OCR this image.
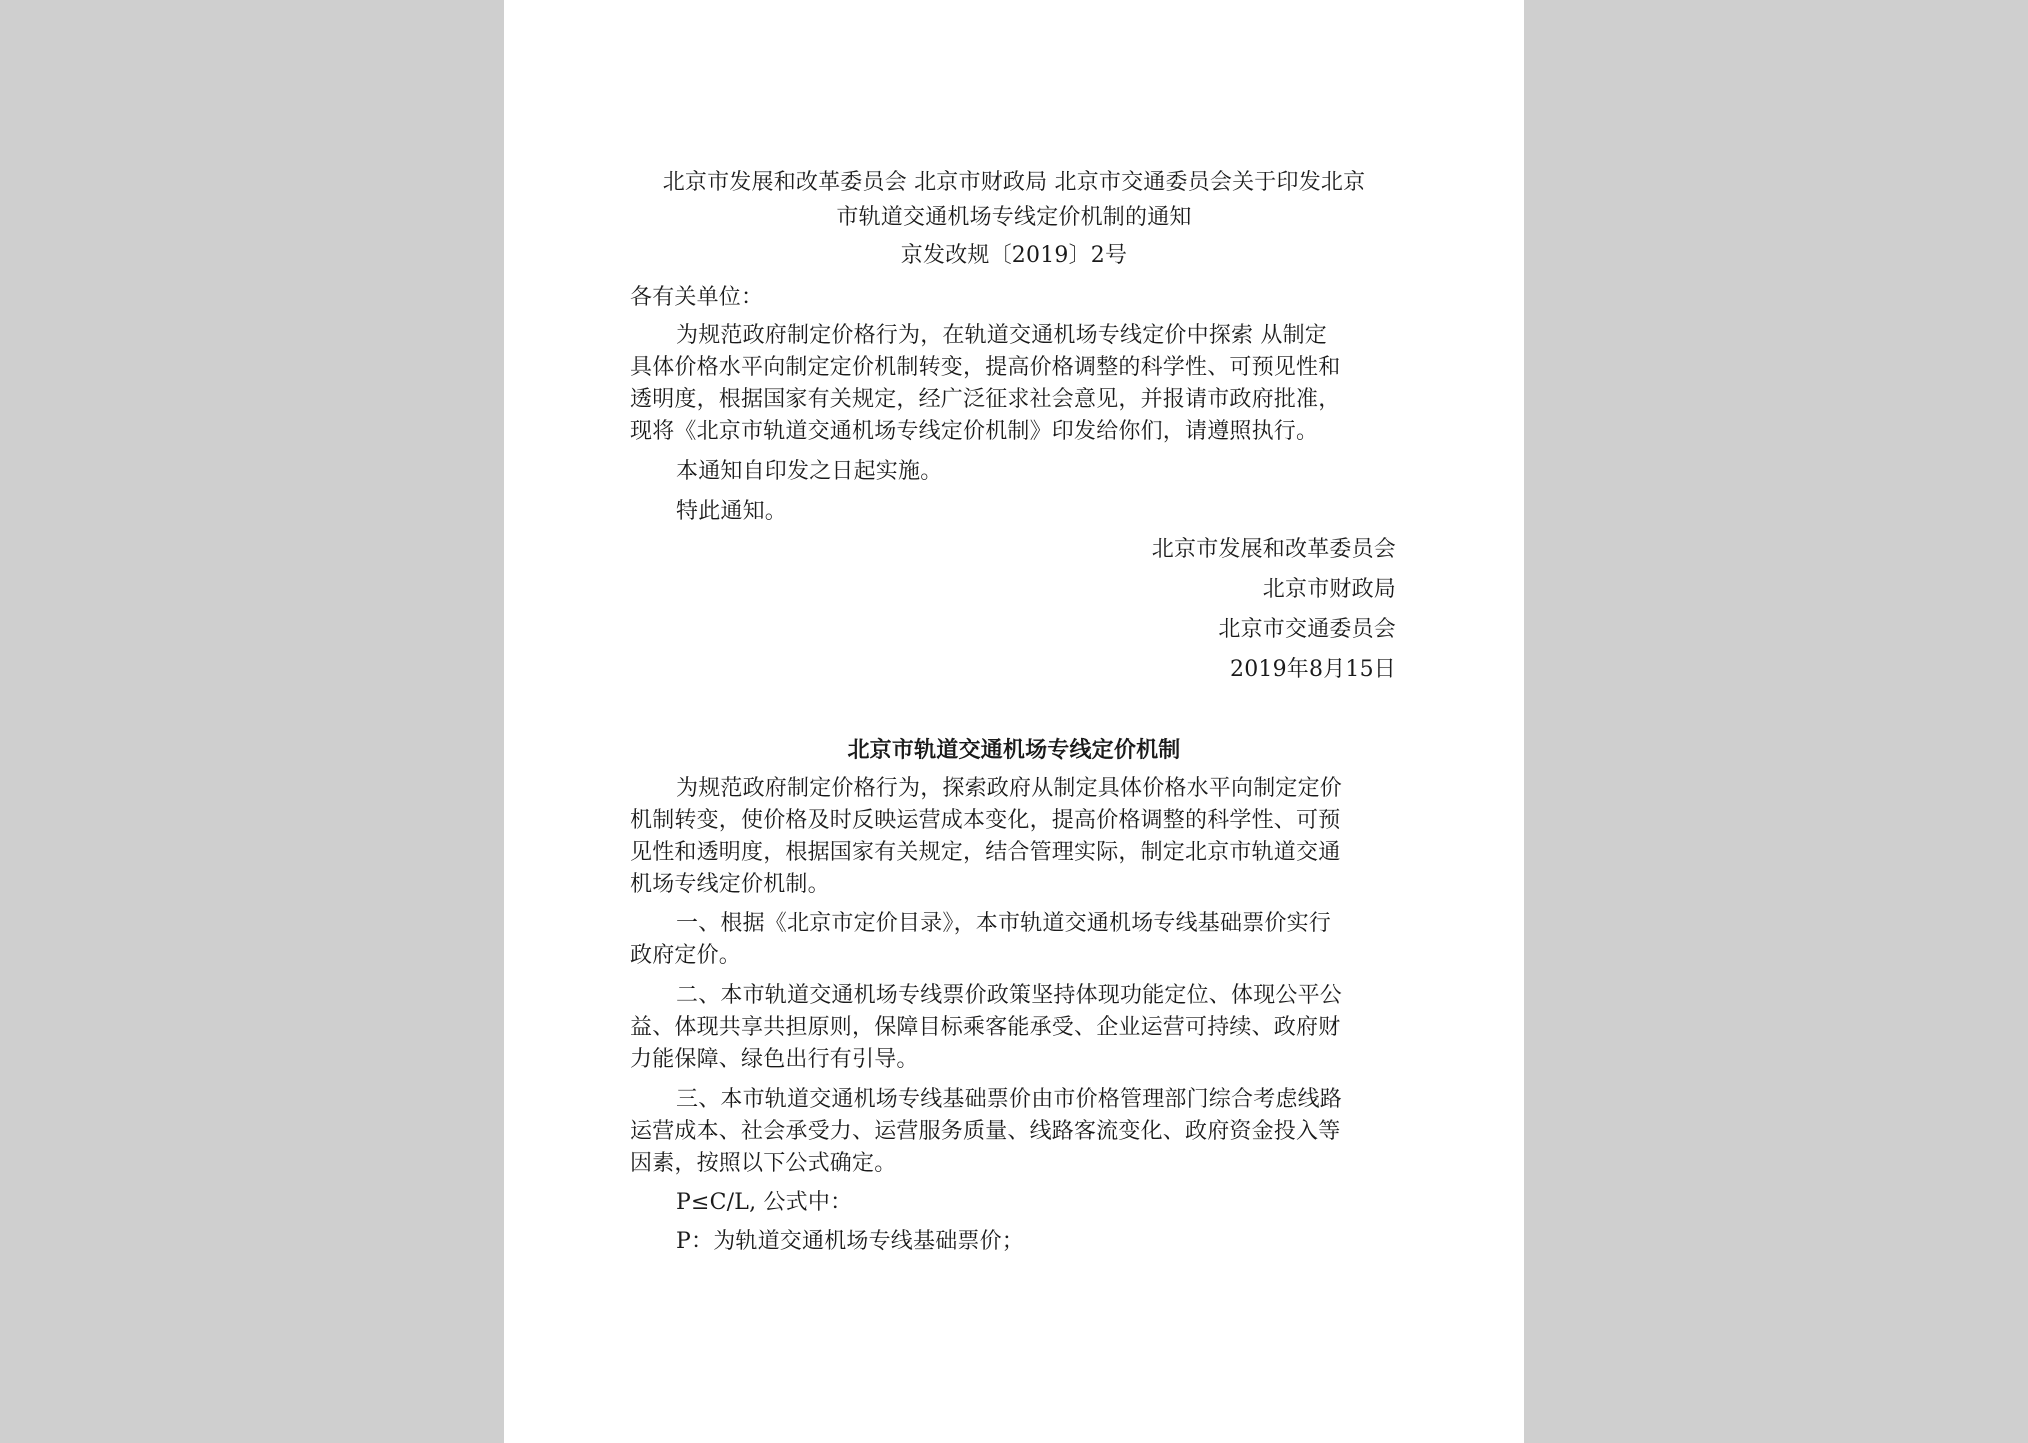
北京市发展和改革委员会 北京市财政局 北京市交通委员会关于印发北京
市轨道交通机场专线定价机制的通知
京发改规〔2019〕2号
各有关单位：
为规范政府制定价格行为，在轨道交通机场专线定价中探索 从制定
具体价格水平向制定定价机制转变，提高价格调整的科学性、可预见性和
透明度，根据国家有关规定，经广泛征求社会意见，并报请市政府批准，
现将《北京市轨道交通机场专线定价机制》印发给你们，请遵照执行。
本通知自印发之日起实施。
特此通知。
北京市发展和改革委员会
北京市财政局
北京市交通委员会
2019年8月15日
北京市轨道交通机场专线定价机制
为规范政府制定价格行为，探索政府从制定具体价格水平向制定定价
机制转变，使价格及时反映运营成本变化，提高价格调整的科学性、可预
见性和透明度，根据国家有关规定，结合管理实际，制定北京市轨道交通
机场专线定价机制。
一、根据《北京市定价目录》，本市轨道交通机场专线基础票价实行
政府定价。
二、本市轨道交通机场专线票价政策坚持体现功能定位、体现公平公
益、体现共享共担原则，保障目标乘客能承受、企业运营可持续、政府财
力能保障、绿色出行有引导。
三、本市轨道交通机场专线基础票价由市价格管理部门综合考虑线路
运营成本、社会承受力、运营服务质量、线路客流变化、政府资金投入等
因素，按照以下公式确定。
P≤C/L, 公式中：
P：为轨道交通机场专线基础票价；
